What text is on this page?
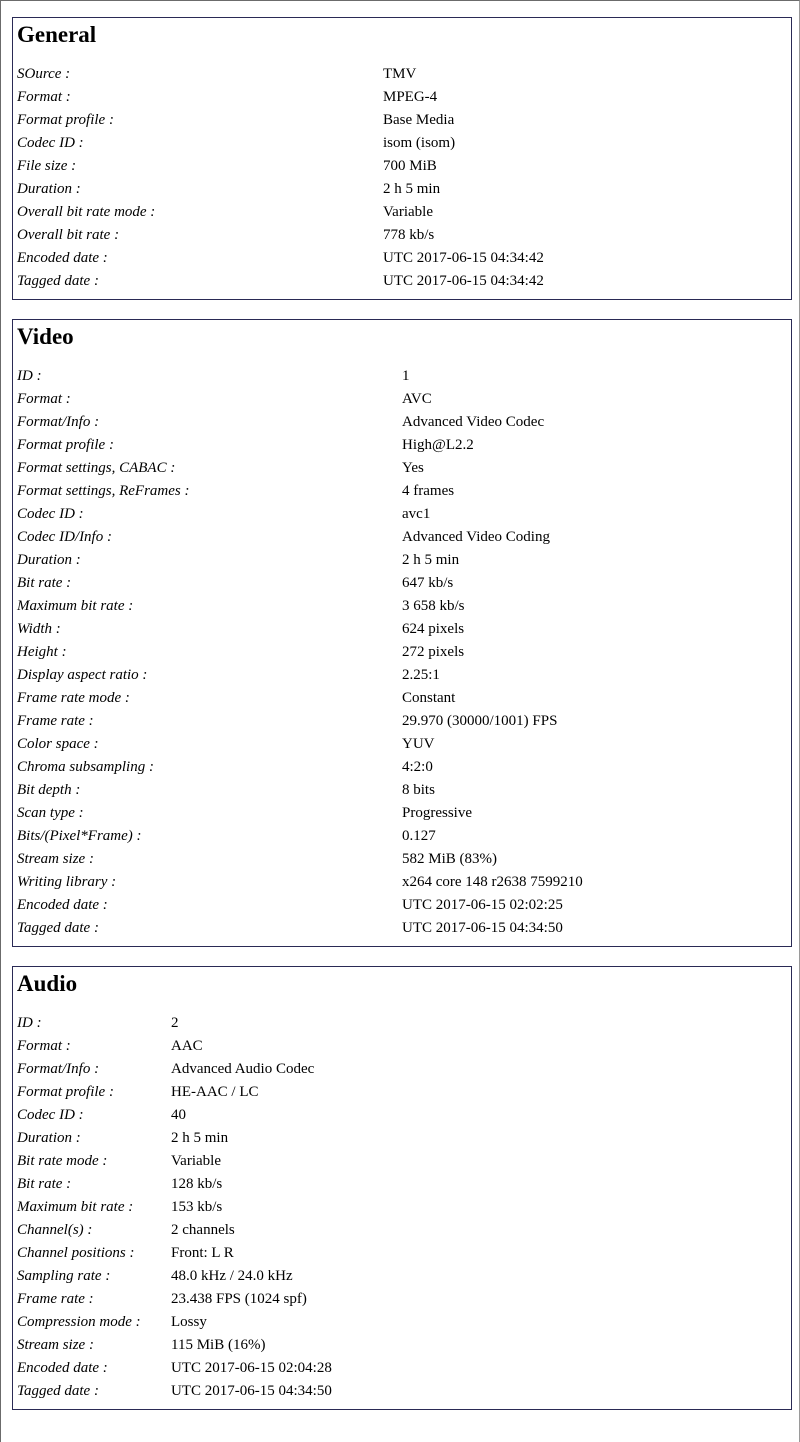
General
SOurce :	TMV
Format :	MPEG-4
Format profile :	Base Media
Codec ID :	isom (isom)
File size :	700 MiB
Duration :	2 h 5 min
Overall bit rate mode :	Variable
Overall bit rate :	778 kb/s
Encoded date :	UTC 2017-06-15 04:34:42
Tagged date :	UTC 2017-06-15 04:34:42
Video
ID :	1
Format :	AVC
Format/Info :	Advanced Video Codec
Format profile :	High@L2.2
Format settings, CABAC :	Yes
Format settings, ReFrames :	4 frames
Codec ID :	avc1
Codec ID/Info :	Advanced Video Coding
Duration :	2 h 5 min
Bit rate :	647 kb/s
Maximum bit rate :	3 658 kb/s
Width :	624 pixels
Height :	272 pixels
Display aspect ratio :	2.25:1
Frame rate mode :	Constant
Frame rate :	29.970 (30000/1001) FPS
Color space :	YUV
Chroma subsampling :	4:2:0
Bit depth :	8 bits
Scan type :	Progressive
Bits/(Pixel*Frame) :	0.127
Stream size :	582 MiB (83%)
Writing library :	x264 core 148 r2638 7599210
Encoded date :	UTC 2017-06-15 02:02:25
Tagged date :	UTC 2017-06-15 04:34:50
Audio
ID :	2
Format :	AAC
Format/Info :	Advanced Audio Codec
Format profile :	HE-AAC / LC
Codec ID :	40
Duration :	2 h 5 min
Bit rate mode :	Variable
Bit rate :	128 kb/s
Maximum bit rate :	153 kb/s
Channel(s) :	2 channels
Channel positions :	Front: L R
Sampling rate :	48.0 kHz / 24.0 kHz
Frame rate :	23.438 FPS (1024 spf)
Compression mode :	Lossy
Stream size :	115 MiB (16%)
Encoded date :	UTC 2017-06-15 02:04:28
Tagged date :	UTC 2017-06-15 04:34:50
